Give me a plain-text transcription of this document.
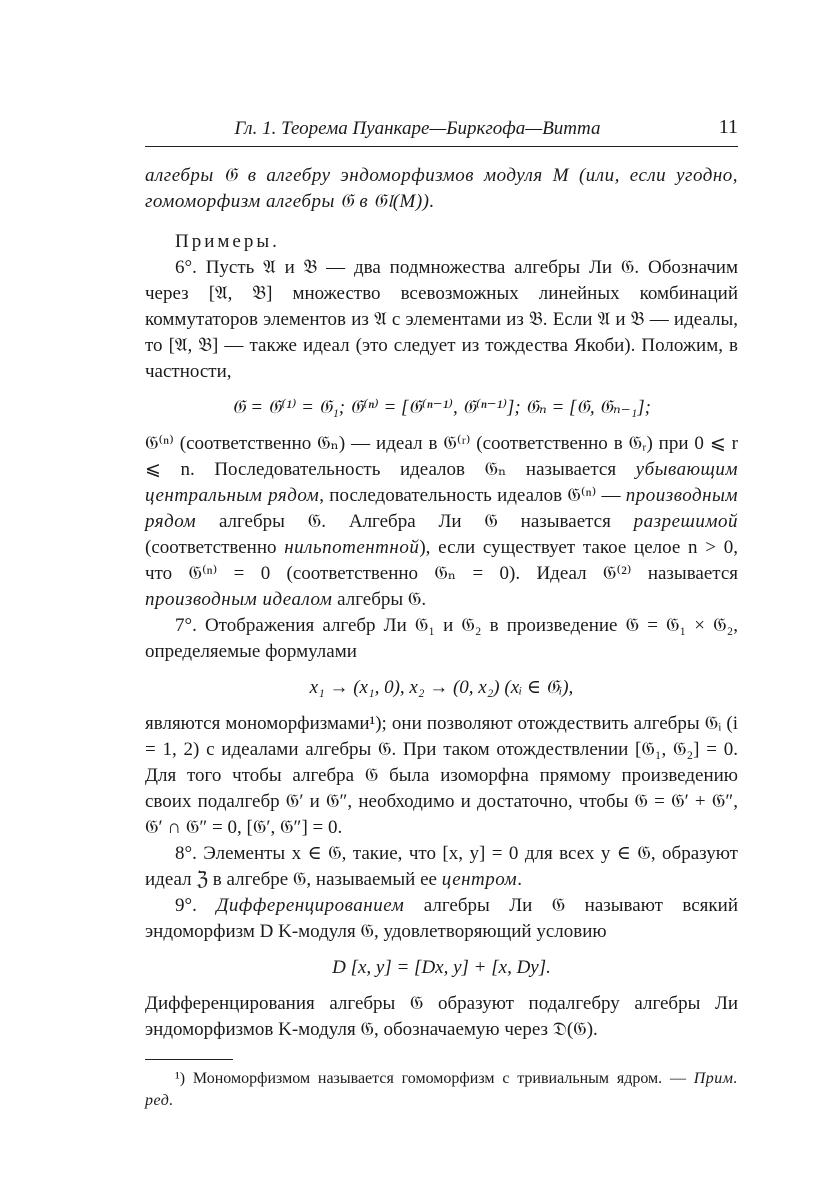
Гл. 1. Теорема Пуанкаре—Биркгофа—Витта	11

алгебры 𝔊 в алгебру эндоморфизмов модуля M (или, если угодно, гомоморфизм алгебры 𝔊 в 𝔊𝔩(M)).

Примеры.

6°. Пусть 𝔄 и 𝔅 — два подмножества алгебры Ли 𝔊. Обозначим через [𝔄, 𝔅] множество всевозможных линейных комбинаций коммутаторов элементов из 𝔄 с элементами из 𝔅. Если 𝔄 и 𝔅 — идеалы, то [𝔄, 𝔅] — также идеал (это следует из тождества Якоби). Положим, в частности,

𝔊 = 𝔊⁽¹⁾ = 𝔊₁; 𝔊⁽ⁿ⁾ = [𝔊⁽ⁿ⁻¹⁾, 𝔊⁽ⁿ⁻¹⁾]; 𝔊ₙ = [𝔊, 𝔊ₙ₋₁];

𝔊⁽ⁿ⁾ (соответственно 𝔊ₙ) — идеал в 𝔊⁽ʳ⁾ (соответственно в 𝔊ᵣ) при 0 ⩽ r ⩽ n. Последовательность идеалов 𝔊ₙ называется убывающим центральным рядом, последовательность идеалов 𝔊⁽ⁿ⁾ — производным рядом алгебры 𝔊. Алгебра Ли 𝔊 называется разрешимой (соответственно нильпотентной), если существует такое целое n > 0, что 𝔊⁽ⁿ⁾ = 0 (соответственно 𝔊ₙ = 0). Идеал 𝔊⁽²⁾ называется производным идеалом алгебры 𝔊.

7°. Отображения алгебр Ли 𝔊₁ и 𝔊₂ в произведение 𝔊 = 𝔊₁ × 𝔊₂, определяемые формулами

x₁ → (x₁, 0), x₂ → (0, x₂) (xᵢ ∈ 𝔊ᵢ),

являются мономорфизмами¹); они позволяют отождествить алгебры 𝔊ᵢ (i = 1, 2) с идеалами алгебры 𝔊. При таком отождествлении [𝔊₁, 𝔊₂] = 0. Для того чтобы алгебра 𝔊 была изоморфна прямому произведению своих подалгебр 𝔊′ и 𝔊″, необходимо и достаточно, чтобы 𝔊 = 𝔊′ + 𝔊″, 𝔊′ ∩ 𝔊″ = 0, [𝔊′, 𝔊″] = 0.

8°. Элементы x ∈ 𝔊, такие, что [x, y] = 0 для всех y ∈ 𝔊, образуют идеал ℨ в алгебре 𝔊, называемый ее центром.

9°. Дифференцированием алгебры Ли 𝔊 называют всякий эндоморфизм D K-модуля 𝔊, удовлетворяющий условию

D [x, y] = [Dx, y] + [x, Dy].

Дифференцирования алгебры 𝔊 образуют подалгебру алгебры Ли эндоморфизмов K-модуля 𝔊, обозначаемую через 𝔇(𝔊).

¹) Мономорфизмом называется гомоморфизм с тривиальным ядром. — Прим. ред.
